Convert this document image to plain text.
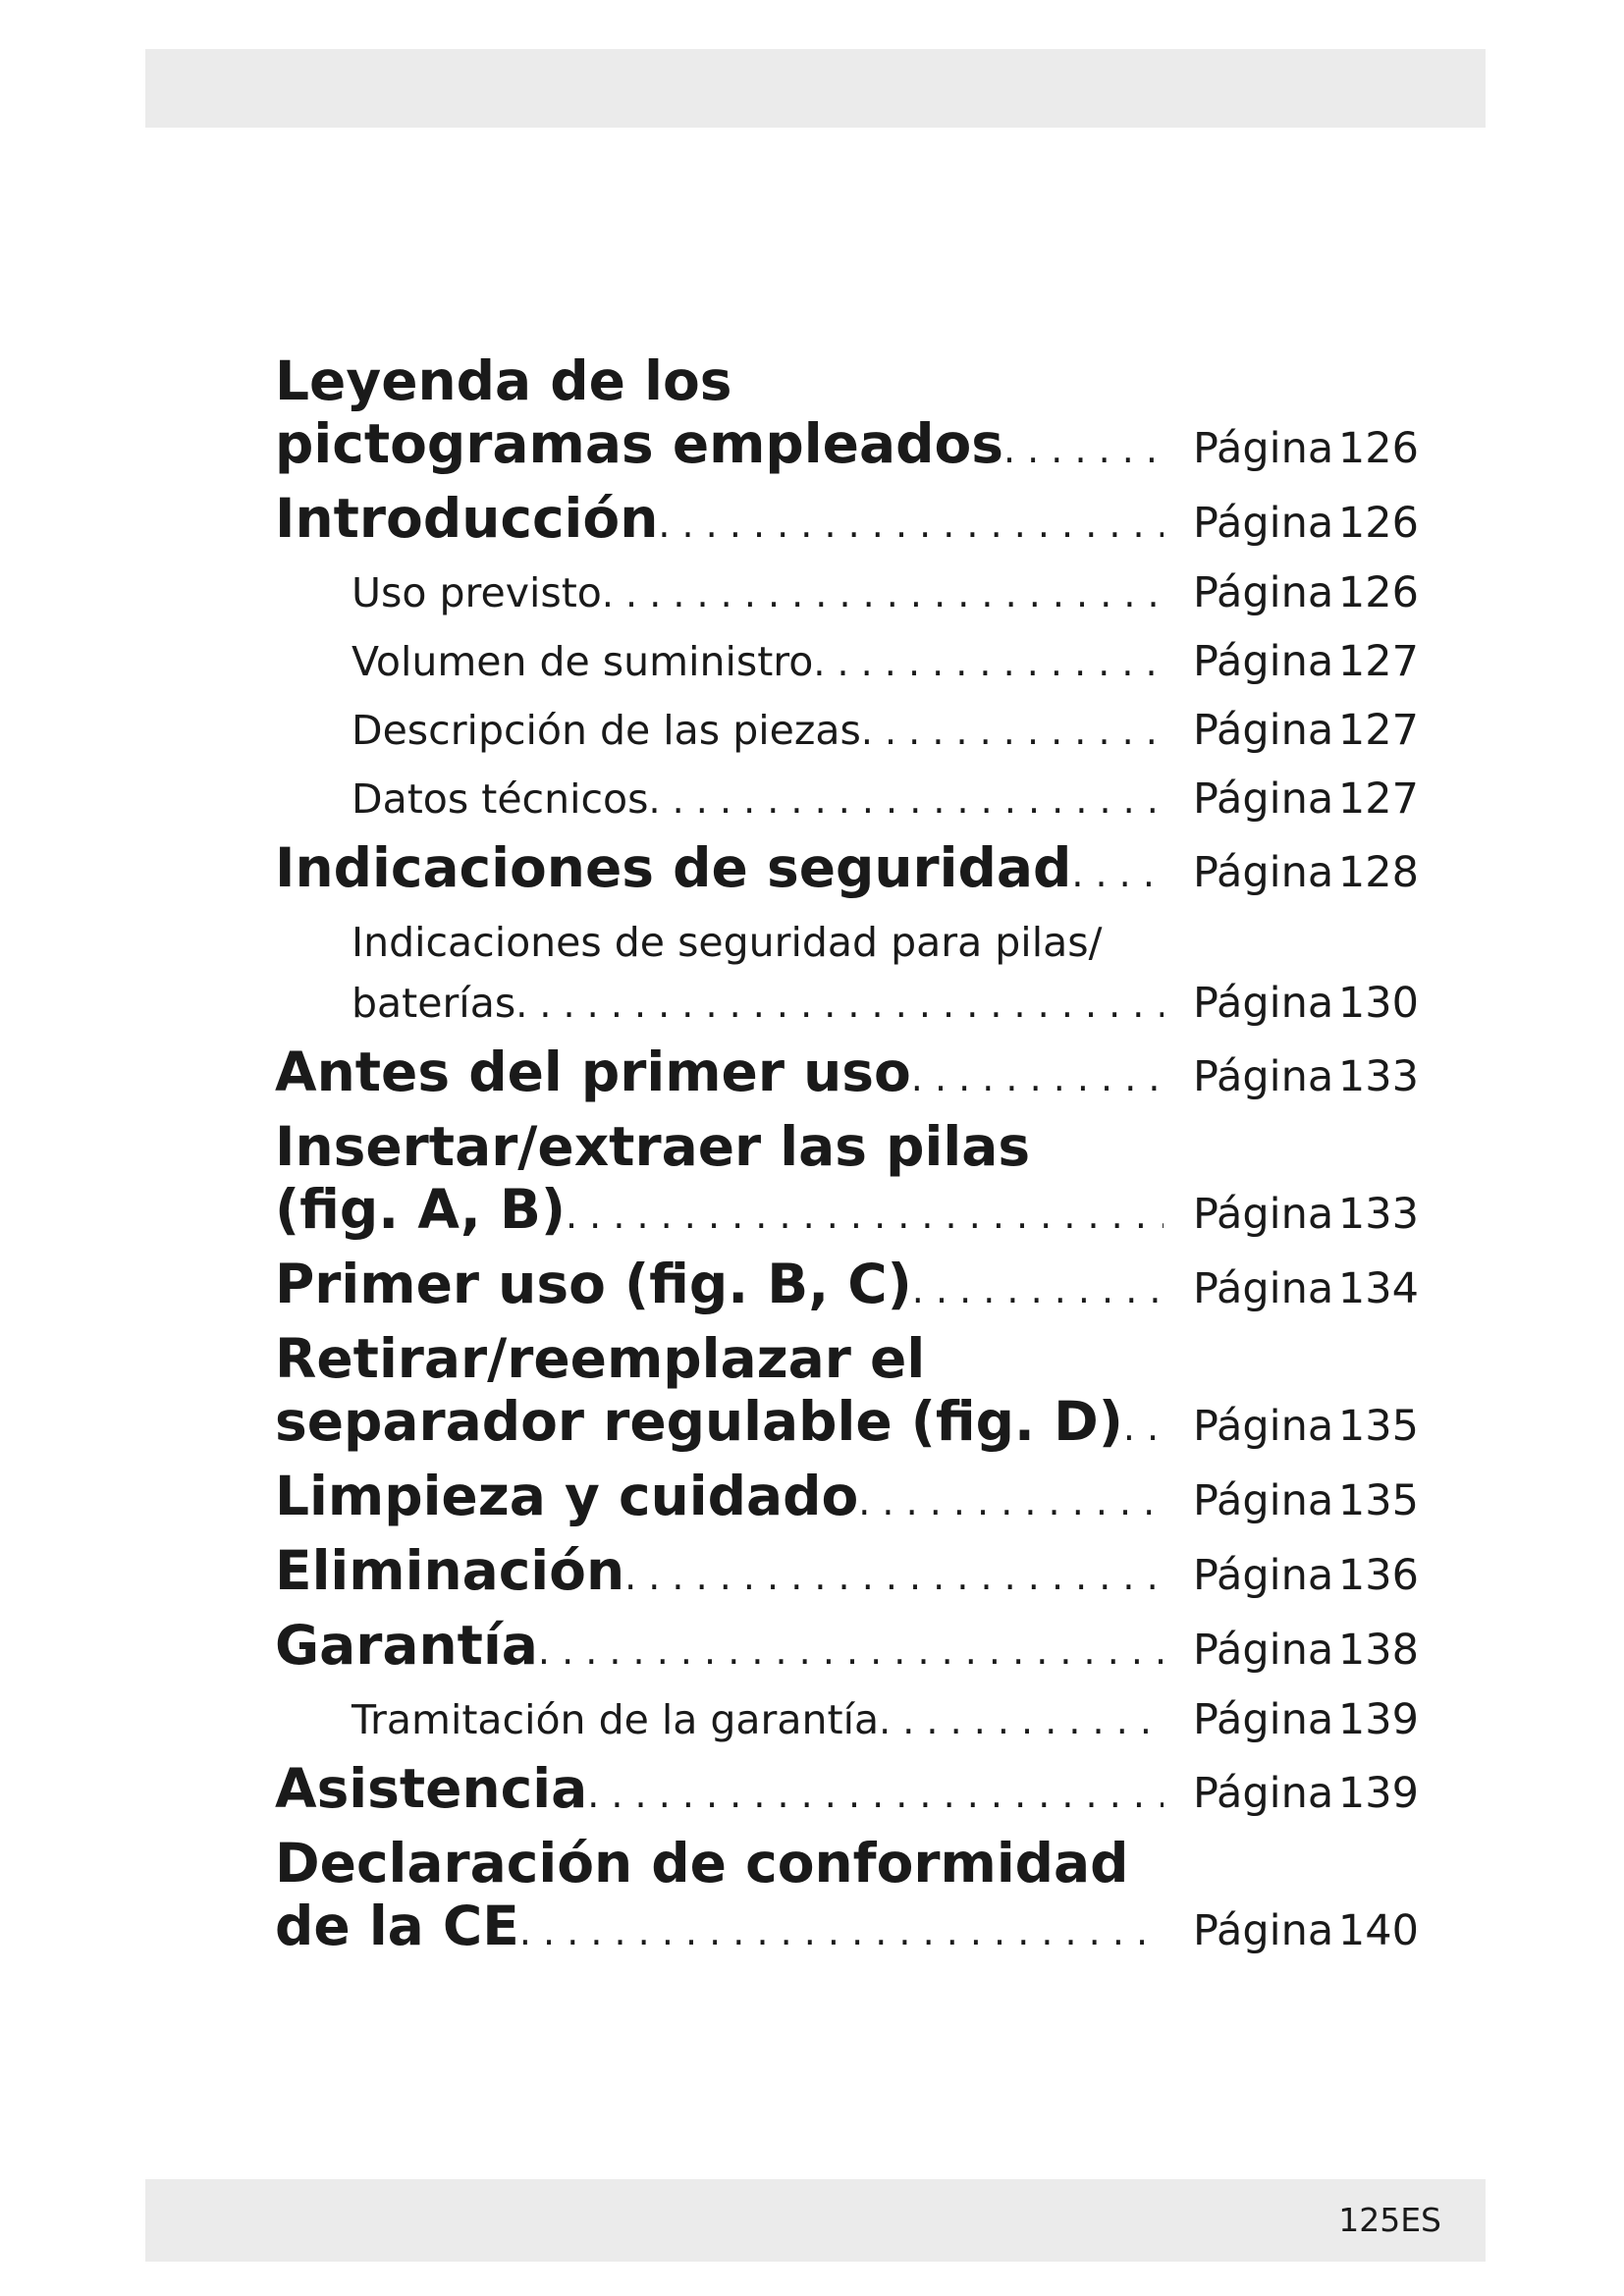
Leyenda de los
pictogramas empleados . . .	Página 126
Introducción . . .	Página 126
Uso previsto . . .	Página 126
Volumen de suministro . . .	Página 127
Descripción de las piezas . . .	Página 127
Datos técnicos . . .	Página 127
Indicaciones de seguridad . . .	Página 128
Indicaciones de seguridad para pilas/
baterías . . .	Página 130
Antes del primer uso . . .	Página 133
Insertar/extraer las pilas
(fig. A, B) . . .	Página 133
Primer uso (fig. B, C) . . .	Página 134
Retirar/reemplazar el
separador regulable (fig. D) . . . Página 135
Limpieza y cuidado . . .	Página 135
Eliminación . . .	Página 136
Garantía . . .	Página 138
Tramitación de la garantía . . .	Página 139
Asistencia . . .	Página 139
Declaración de conformidad
de la CE . . .	Página 140
125ES
